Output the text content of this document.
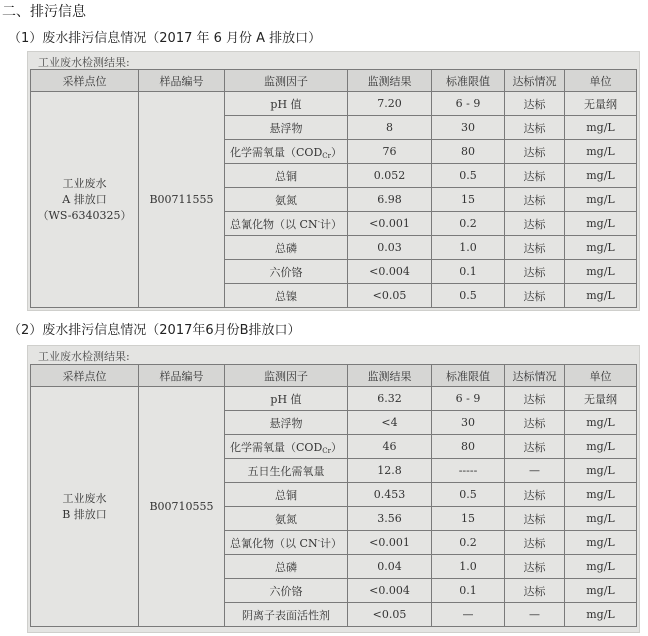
二、排污信息
（1）废水排污信息情况（2017 年 6 月份 A 排放口）
工业废水检测结果:
采样点位	样品编号	监测因子	监测结果	标准限值	达标情况	单位

工业废水
A 排放口
（WS-6340325）	B00711555	pH 值	7.20	6 - 9	达标	无量纲
		悬浮物	8	30	达标	mg/L
		化学需氧量$(COD_{Cr})$	76	80	达标	mg/L
		总铜	0.052	0.5	达标	mg/L
		氨氮	6.98	15	达标	mg/L
		总氰化物（以 CN-计）	<0.001	0.2	达标	mg/L
		总磷	0.03	1.0	达标	mg/L
		六价铬	<0.004	0.1	达标	mg/L
		总镍	<0.05	0.5	达标	mg/L
（2）废水排污信息情况（2017年6月份B排放口）
工业废水检测结果:
采样点位	样品编号	监测因子	监测结果	标准限值	达标情况	单位

工业废水
B 排放口	B00710555	pH 值	6.32	6 - 9	达标	无量纲
		悬浮物	<4	30	达标	mg/L
		化学需氧量$(COD_{Cr})$	46	80	达标	mg/L
		五日生化需氧量	12.8	-----	—	mg/L
		总铜	0.453	0.5	达标	mg/L
		氨氮	3.56	15	达标	mg/L
		总氰化物（以 CN-计）	<0.001	0.2	达标	mg/L
		总磷	0.04	1.0	达标	mg/L
		六价铬	<0.004	0.1	达标	mg/L
		阴离子表面活性剂	<0.05	—	—	mg/L
